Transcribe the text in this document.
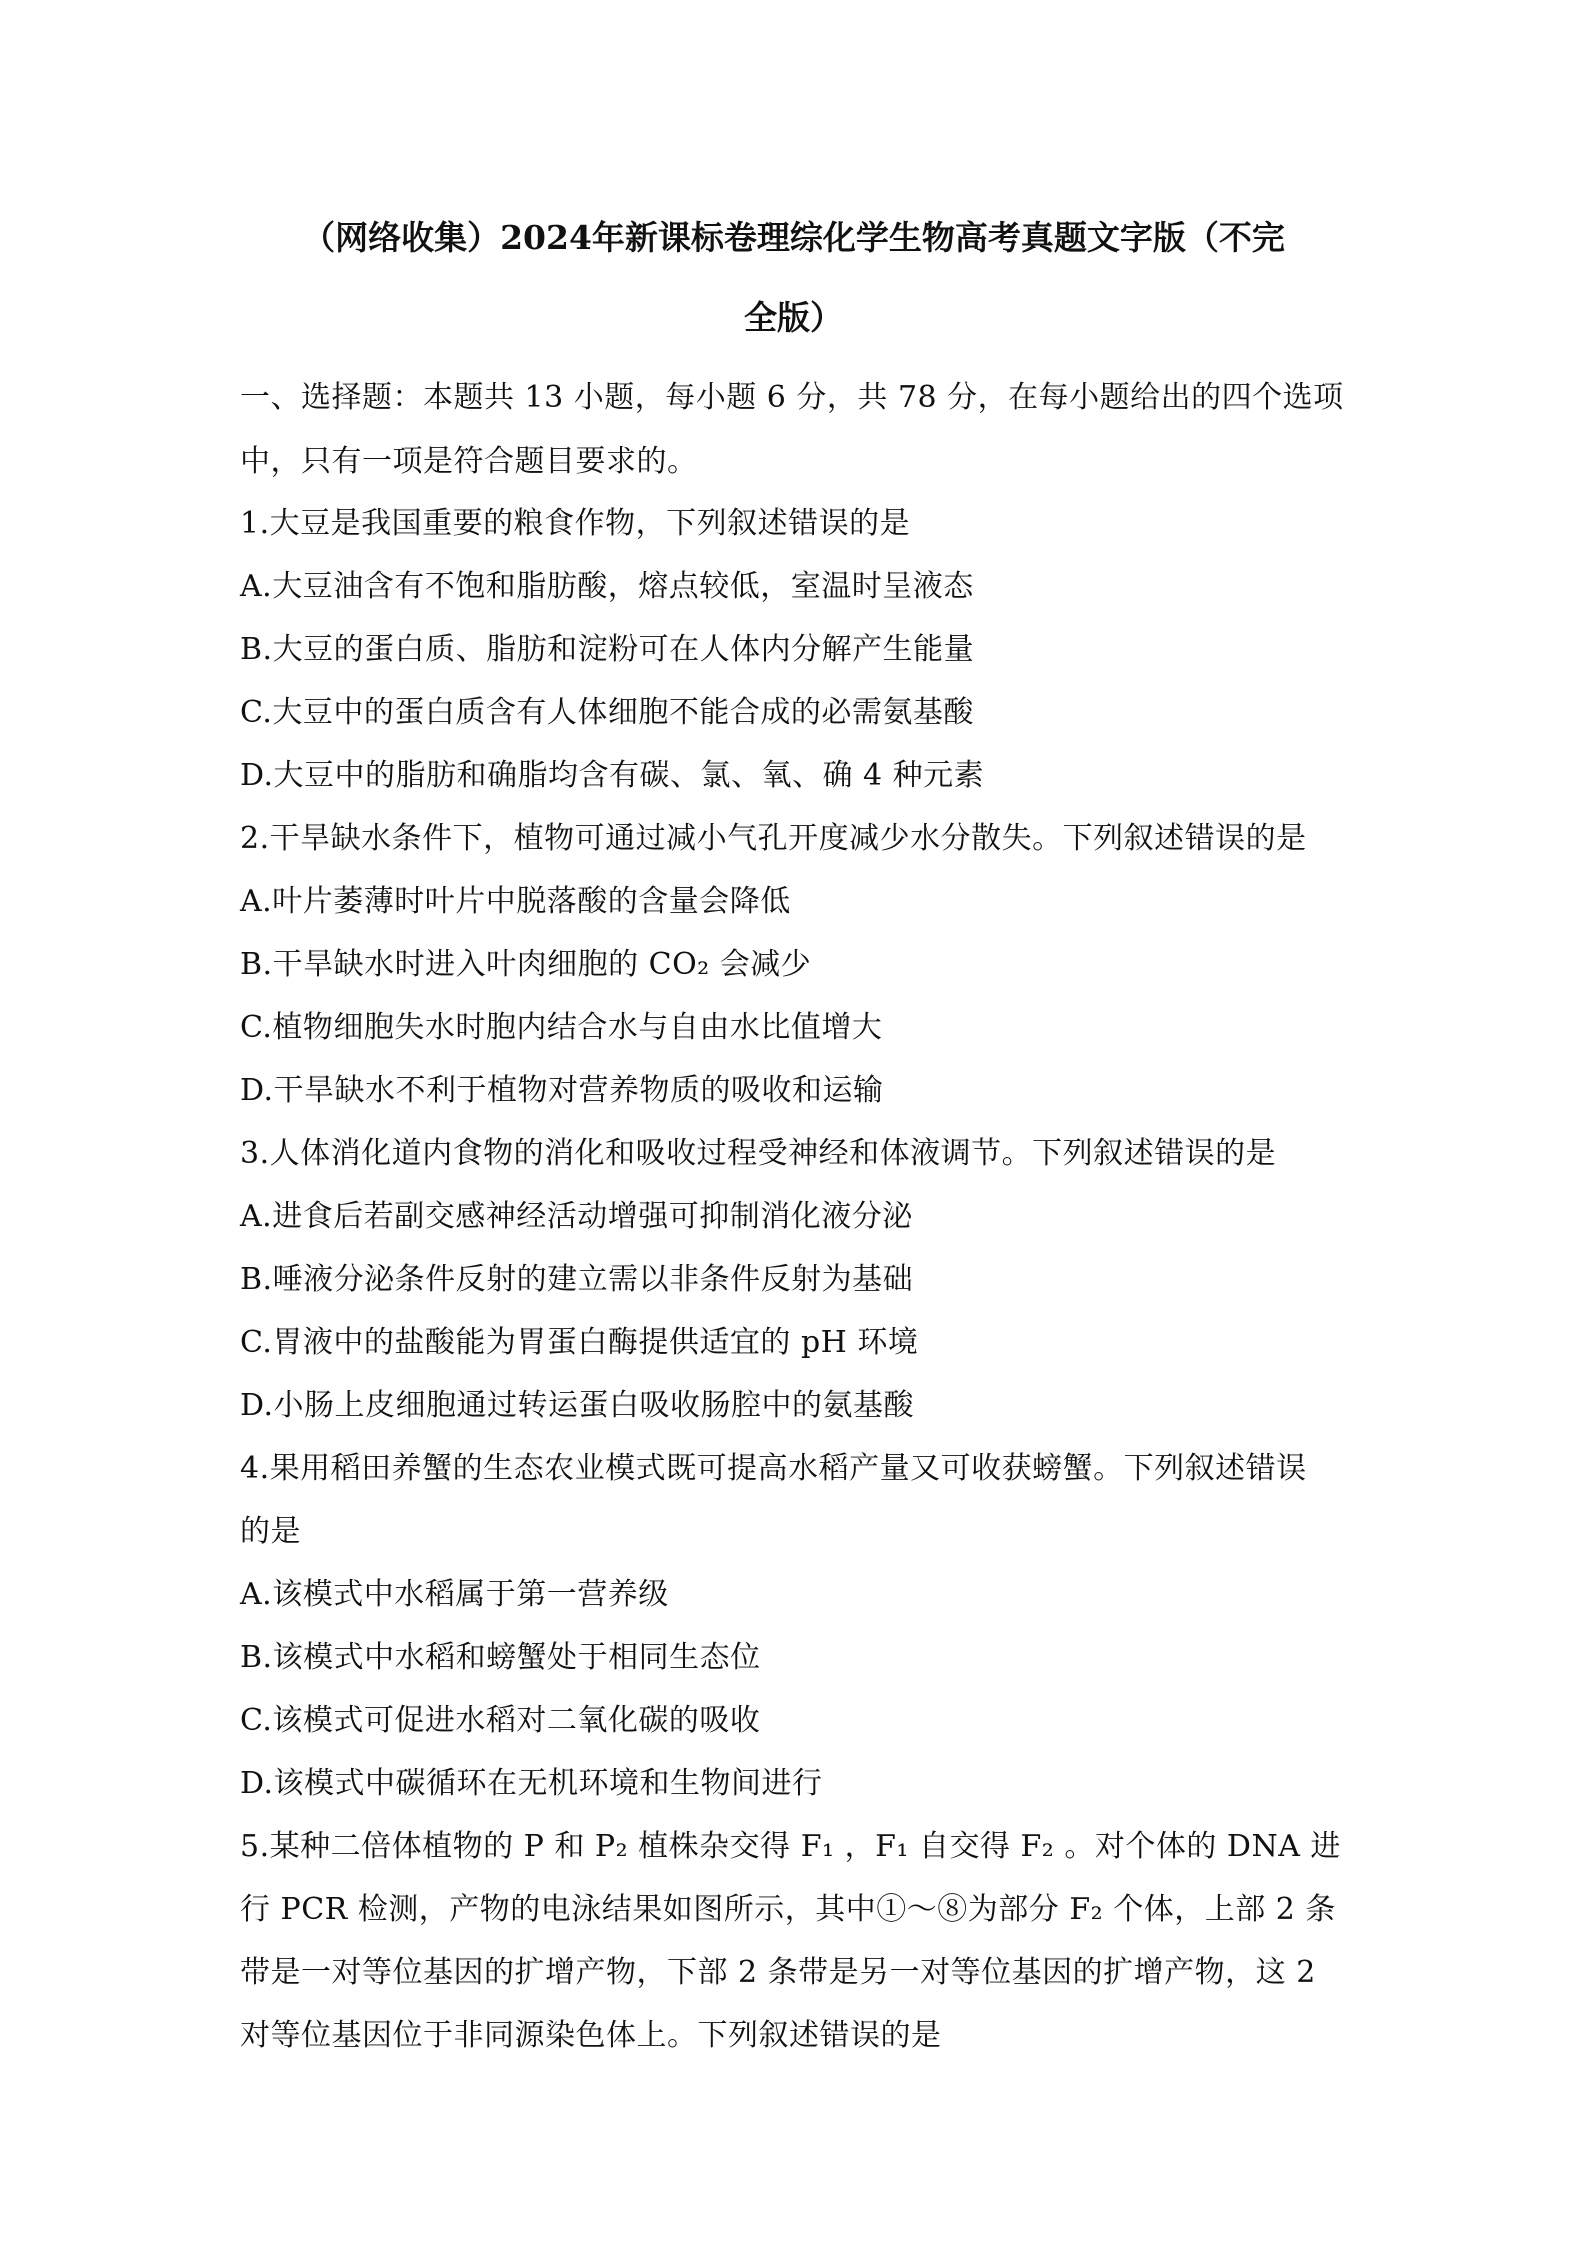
（网络收集）2024年新课标卷理综化学生物高考真题文字版（不完
全版）
一、选择题：本题共 13 小题，每小题 6 分，共 78 分，在每小题给出的四个选项
中，只有一项是符合题目要求的。
1.大豆是我国重要的粮食作物，下列叙述错误的是
A.大豆油含有不饱和脂肪酸，熔点较低，室温时呈液态
B.大豆的蛋白质、脂肪和淀粉可在人体内分解产生能量
C.大豆中的蛋白质含有人体细胞不能合成的必需氨基酸
D.大豆中的脂肪和确脂均含有碳、氯、氧、确 4 种元素
2.干旱缺水条件下，植物可通过减小气孔开度减少水分散失。下列叙述错误的是
A.叶片萎薄时叶片中脱落酸的含量会降低
B.干旱缺水时进入叶肉细胞的 CO₂ 会减少
C.植物细胞失水时胞内结合水与自由水比值增大
D.干旱缺水不利于植物对营养物质的吸收和运输
3.人体消化道内食物的消化和吸收过程受神经和体液调节。下列叙述错误的是
A.进食后若副交感神经活动增强可抑制消化液分泌
B.唾液分泌条件反射的建立需以非条件反射为基础
C.胃液中的盐酸能为胃蛋白酶提供适宜的 pH 环境
D.小肠上皮细胞通过转运蛋白吸收肠腔中的氨基酸
4.果用稻田养蟹的生态农业模式既可提高水稻产量又可收获螃蟹。下列叙述错误
的是
A.该模式中水稻属于第一营养级
B.该模式中水稻和螃蟹处于相同生态位
C.该模式可促进水稻对二氧化碳的吸收
D.该模式中碳循环在无机环境和生物间进行
5.某种二倍体植物的 P 和 P₂ 植株杂交得 F₁ ，F₁ 自交得 F₂ 。对个体的 DNA 进
行 PCR 检测，产物的电泳结果如图所示，其中①～⑧为部分 F₂ 个体，上部 2 条
带是一对等位基因的扩增产物，下部 2 条带是另一对等位基因的扩增产物，这 2
对等位基因位于非同源染色体上。下列叙述错误的是
